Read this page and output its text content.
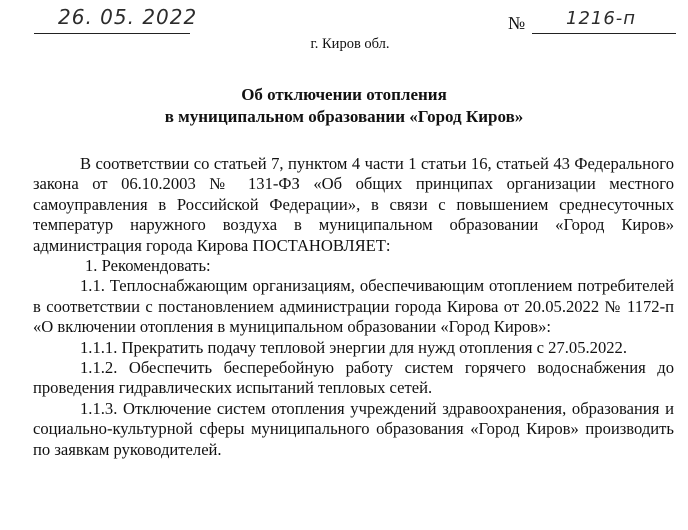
26. 05. 2022	№ 1216-п
г. Киров обл.
Об отключении отопления
в муниципальном образовании «Город Киров»

В соответствии со статьей 7, пунктом 4 части 1 статьи 16, статьей 43 Федерального закона от 06.10.2003 № 131-ФЗ «Об общих принципах организации местного самоуправления в Российской Федерации», в связи с повышением среднесуточных температур наружного воздуха в муниципальном образовании «Город Киров» администрация города Кирова ПОСТАНОВЛЯЕТ:

1. Рекомендовать:

1.1. Теплоснабжающим организациям, обеспечивающим отоплением потребителей в соответствии с постановлением администрации города Кирова от 20.05.2022 № 1172-п «О включении отопления в муниципальном образовании «Город Киров»:

1.1.1. Прекратить подачу тепловой энергии для нужд отопления с 27.05.2022.

1.1.2. Обеспечить бесперебойную работу систем горячего водоснабжения до проведения гидравлических испытаний тепловых сетей.

1.1.3. Отключение систем отопления учреждений здравоохранения, образования и социально-культурной сферы муниципального образования «Город Киров» производить по заявкам руководителей.
